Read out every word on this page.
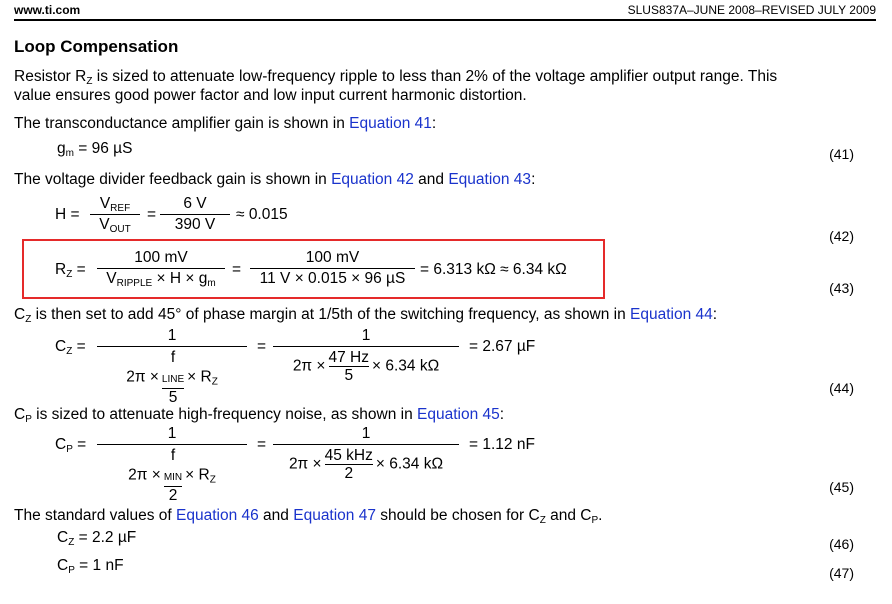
www.ti.com	SLUS837A–JUNE 2008–REVISED JULY 2009
Loop Compensation
Resistor $R_Z$ is sized to attenuate low-frequency ripple to less than 2% of the voltage amplifier output range. This
value ensures good power factor and low input current harmonic distortion.
The transconductance amplifier gain is shown in Equation 41:
$g_m = 96$ µS	(41)
The voltage divider feedback gain is shown in Equation 42 and Equation 43:
H =
$V_{REF}$
$V_{OUT}$
=
6 V
390 V
≈ 0.015
(42)
$R_Z$ =
100 mV
$V_{RIPPLE} \times H \times g_m$
=
100 mV
11 V × 0.015 × 96 µS
= 6.313 kΩ ≈ 6.34 kΩ
(43)
$C_Z$ is then set to add 45° of phase margin at 1/5th of the switching frequency, as shown in Equation 44:
$C_Z$ =
1
2π ×
f
$_{LINE}$
5
× $R_Z$
=
1
$2\pi \times \frac{47 Hz}{5} \times 6.34$ kΩ
= 2.67 µF
(44)
$C_P$ is sized to attenuate high-frequency noise, as shown in Equation 45:
$C_P$ =
1
2π ×
f
$_{MIN}$
2
× $R_Z$
=
1
2π ×
45 kHz
2
× 6.34 kΩ
= 1.12 nF
(45)
The standard values of Equation 46 and Equation 47 should be chosen for $C_Z$ and $C_P$.
$C_Z = 2.2$ µF	(46)
$C_P = 1$ nF	(47)
